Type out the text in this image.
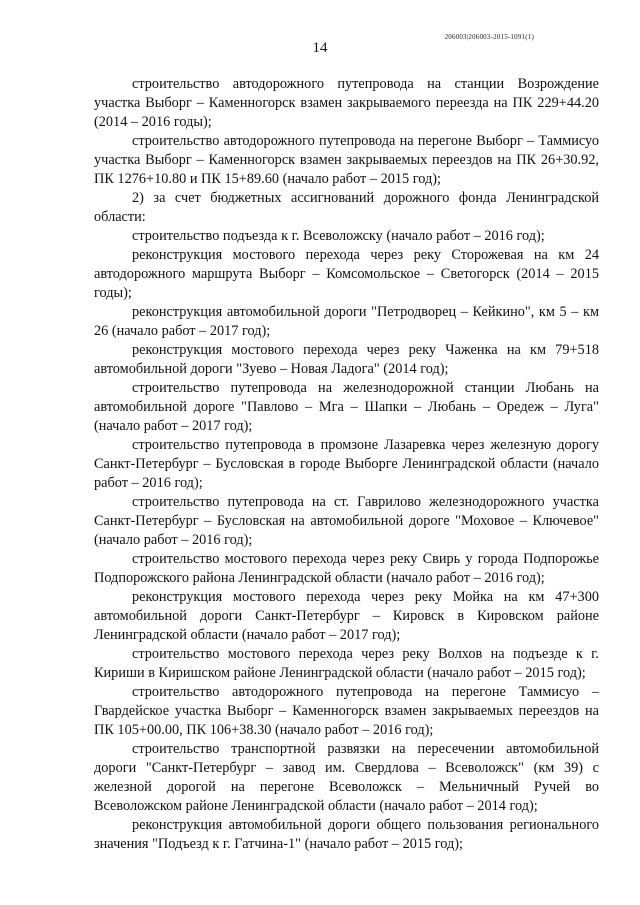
206003|206003-2015-1091(1)
14

строительство автодорожного путепровода на станции Возрождение участка Выборг – Каменногорск взамен закрываемого переезда на ПК 229+44.20 (2014 – 2016 годы);

строительство автодорожного путепровода на перегоне Выборг – Таммисуо участка Выборг – Каменногорск взамен закрываемых переездов на ПК 26+30.92, ПК 1276+10.80 и ПК 15+89.60 (начало работ – 2015 год);

2) за счет бюджетных ассигнований дорожного фонда Ленинградской области:

строительство подъезда к г. Всеволожску (начало работ – 2016 год);

реконструкция мостового перехода через реку Сторожевая на км 24 автодорожного маршрута Выборг – Комсомольское – Светогорск (2014 – 2015 годы);

реконструкция автомобильной дороги "Петродворец – Кейкино", км 5 – км 26 (начало работ – 2017 год);

реконструкция мостового перехода через реку Чаженка на км 79+518 автомобильной дороги "Зуево – Новая Ладога" (2014 год);

строительство путепровода на железнодорожной станции Любань на автомобильной дороге "Павлово – Мга – Шапки – Любань – Оредеж – Луга" (начало работ – 2017 год);

строительство путепровода в промзоне Лазаревка через железную дорогу Санкт-Петербург – Бусловская в городе Выборге Ленинградской области (начало работ – 2016 год);

строительство путепровода на ст. Гаврилово железнодорожного участка Санкт-Петербург – Бусловская на автомобильной дороге "Моховое – Ключевое" (начало работ – 2016 год);

строительство мостового перехода через реку Свирь у города Подпорожье Подпорожского района Ленинградской области (начало работ – 2016 год);

реконструкция мостового перехода через реку Мойка на км 47+300 автомобильной дороги Санкт-Петербург – Кировск в Кировском районе Ленинградской области (начало работ – 2017 год);

строительство мостового перехода через реку Волхов на подъезде к г. Кириши в Киришском районе Ленинградской области (начало работ – 2015 год);

строительство автодорожного путепровода на перегоне Таммисуо – Гвардейское участка Выборг – Каменногорск взамен закрываемых переездов на ПК 105+00.00, ПК 106+38.30 (начало работ – 2016 год);

строительство транспортной развязки на пересечении автомобильной дороги "Санкт-Петербург – завод им. Свердлова – Всеволожск" (км 39) с железной дорогой на перегоне Всеволожск – Мельничный Ручей во Всеволожском районе Ленинградской области (начало работ – 2014 год);

реконструкция автомобильной дороги общего пользования регионального значения "Подъезд к г. Гатчина-1" (начало работ – 2015 год);
